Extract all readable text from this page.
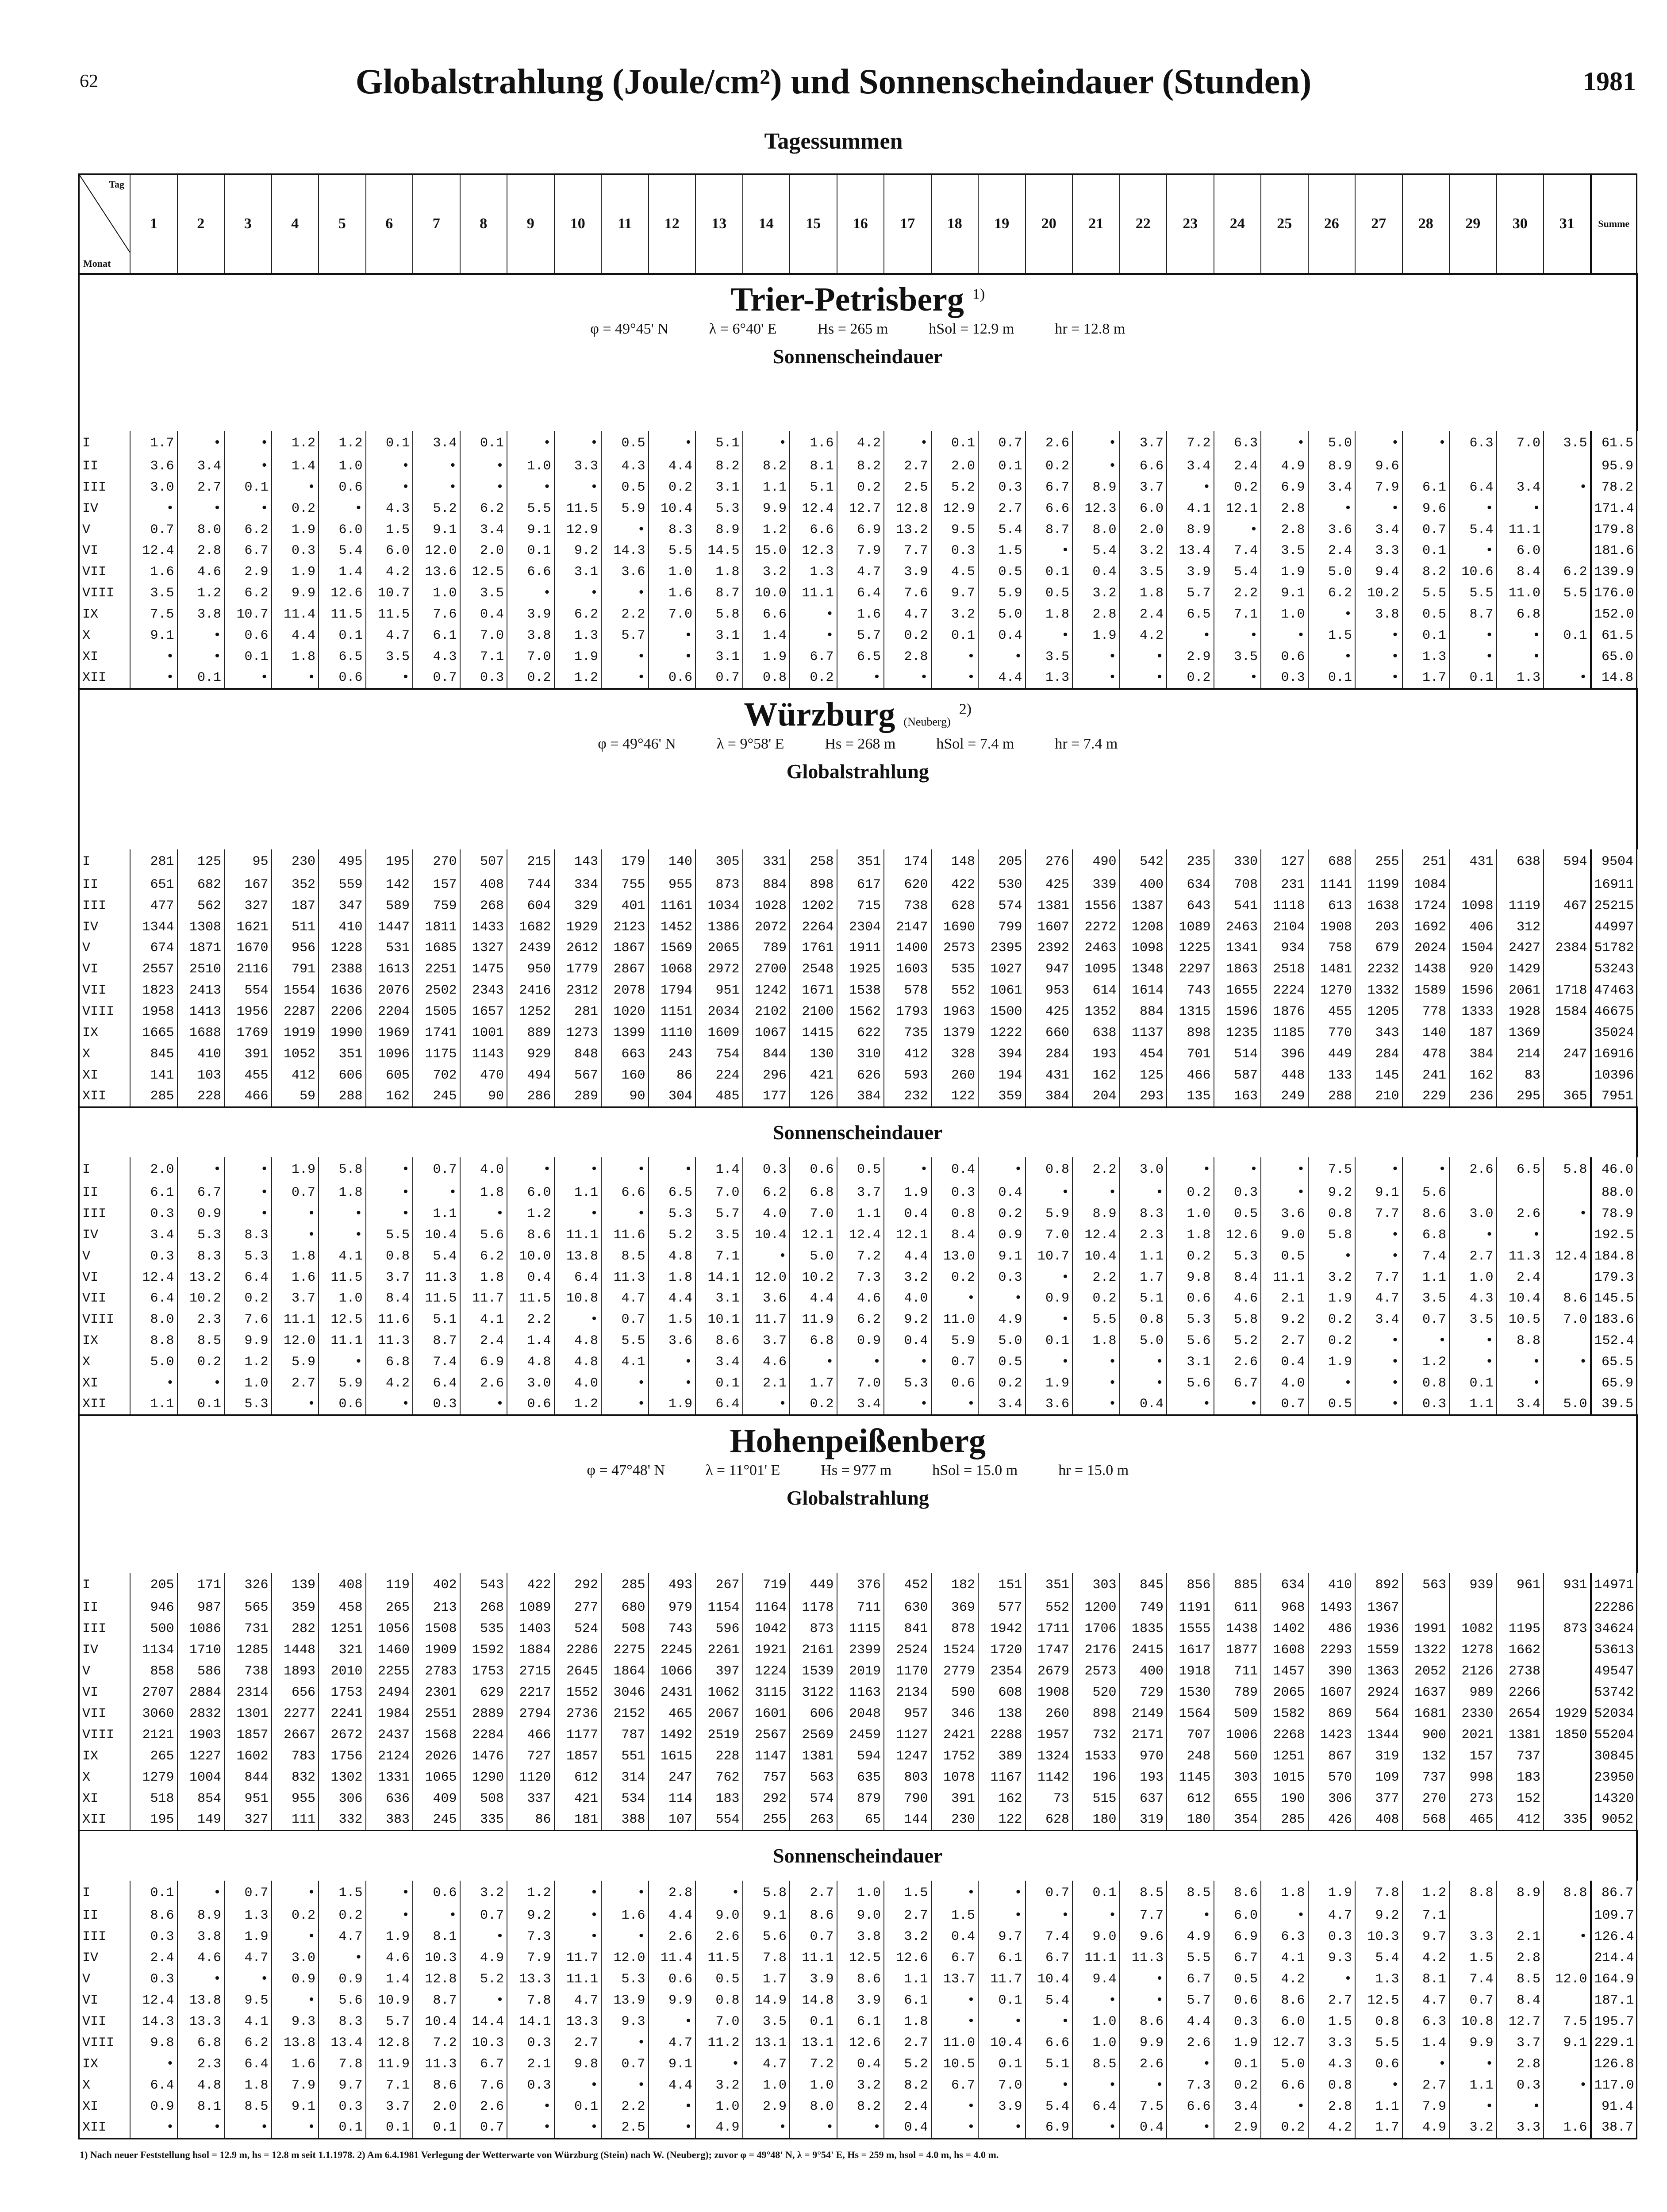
62	Globalstrahlung (Joule/cm²) und Sonnenscheindauer (Stunden)	1981
Tagessummen
Tag
Monat	1	2	3	4	5	6	7	8	9	10	11	12	13	14	15	16	17	18	19	20	21	22	23	24	25	26	27	28	29	30	31	Summe

Trier-Petrisberg $^{1)}$
φ = 49°45' N λ = 6°40' E Hs = 265 m hSol = 12.9 m hr = 12.8 m
Sonnenscheindauer																																

I	1.7	•	•	1.2	1.2	0.1	3.4	0.1	•	•	0.5	•	5.1	•	1.6	4.2	•	0.1	0.7	2.6	•	3.7	7.2	6.3	•	5.0	•	•	6.3	7.0	3.5	61.5
II	3.6	3.4	•	1.4	1.0	•	•	•	1.0	3.3	4.3	4.4	8.2	8.2	8.1	8.2	2.7	2.0	0.1	0.2	•	6.6	3.4	2.4	4.9	8.9	9.6					95.9
III	3.0	2.7	0.1	•	0.6	•	•	•	•	•	0.5	0.2	3.1	1.1	5.1	0.2	2.5	5.2	0.3	6.7	8.9	3.7	•	0.2	6.9	3.4	7.9	6.1	6.4	3.4	•	78.2
IV	•	•	•	0.2	•	4.3	5.2	6.2	5.5	11.5	5.9	10.4	5.3	9.9	12.4	12.7	12.8	12.9	2.7	6.6	12.3	6.0	4.1	12.1	2.8	•	•	9.6	•	•		171.4
V	0.7	8.0	6.2	1.9	6.0	1.5	9.1	3.4	9.1	12.9	•	8.3	8.9	1.2	6.6	6.9	13.2	9.5	5.4	8.7	8.0	2.0	8.9	•	2.8	3.6	3.4	0.7	5.4	11.1		179.8
VI	12.4	2.8	6.7	0.3	5.4	6.0	12.0	2.0	0.1	9.2	14.3	5.5	14.5	15.0	12.3	7.9	7.7	0.3	1.5	•	5.4	3.2	13.4	7.4	3.5	2.4	3.3	0.1	•	6.0		181.6
VII	1.6	4.6	2.9	1.9	1.4	4.2	13.6	12.5	6.6	3.1	3.6	1.0	1.8	3.2	1.3	4.7	3.9	4.5	0.5	0.1	0.4	3.5	3.9	5.4	1.9	5.0	9.4	8.2	10.6	8.4	6.2	139.9
VIII	3.5	1.2	6.2	9.9	12.6	10.7	1.0	3.5	•	•	•	1.6	8.7	10.0	11.1	6.4	7.6	9.7	5.9	0.5	3.2	1.8	5.7	2.2	9.1	6.2	10.2	5.5	5.5	11.0	5.5	176.0
IX	7.5	3.8	10.7	11.4	11.5	11.5	7.6	0.4	3.9	6.2	2.2	7.0	5.8	6.6	•	1.6	4.7	3.2	5.0	1.8	2.8	2.4	6.5	7.1	1.0	•	3.8	0.5	8.7	6.8		152.0
X	9.1	•	0.6	4.4	0.1	4.7	6.1	7.0	3.8	1.3	5.7	•	3.1	1.4	•	5.7	0.2	0.1	0.4	•	1.9	4.2	•	•	•	1.5	•	0.1	•	•	0.1	61.5
XI	•	•	0.1	1.8	6.5	3.5	4.3	7.1	7.0	1.9	•	•	3.1	1.9	6.7	6.5	2.8	•	•	3.5	•	•	2.9	3.5	0.6	•	•	1.3	•	•		65.0
XII	•	0.1	•	•	0.6	•	0.7	0.3	0.2	1.2	•	0.6	0.7	0.8	0.2	•	•	•	4.4	1.3	•	•	0.2	•	0.3	0.1	•	1.7	0.1	1.3	•	14.8

Würzburg (Neuberg) $^{2)}$
φ = 49°46' N λ = 9°58' E Hs = 268 m hSol = 7.4 m hr = 7.4 m
Globalstrahlung																																

I	281	125	95	230	495	195	270	507	215	143	179	140	305	331	258	351	174	148	205	276	490	542	235	330	127	688	255	251	431	638	594	9504
II	651	682	167	352	559	142	157	408	744	334	755	955	873	884	898	617	620	422	530	425	339	400	634	708	231	1141	1199	1084				16911
III	477	562	327	187	347	589	759	268	604	329	401	1161	1034	1028	1202	715	738	628	574	1381	1556	1387	643	541	1118	613	1638	1724	1098	1119	467	25215
IV	1344	1308	1621	511	410	1447	1811	1433	1682	1929	2123	1452	1386	2072	2264	2304	2147	1690	799	1607	2272	1208	1089	2463	2104	1908	203	1692	406	312		44997
V	674	1871	1670	956	1228	531	1685	1327	2439	2612	1867	1569	2065	789	1761	1911	1400	2573	2395	2392	2463	1098	1225	1341	934	758	679	2024	1504	2427	2384	51782
VI	2557	2510	2116	791	2388	1613	2251	1475	950	1779	2867	1068	2972	2700	2548	1925	1603	535	1027	947	1095	1348	2297	1863	2518	1481	2232	1438	920	1429		53243
VII	1823	2413	554	1554	1636	2076	2502	2343	2416	2312	2078	1794	951	1242	1671	1538	578	552	1061	953	614	1614	743	1655	2224	1270	1332	1589	1596	2061	1718	47463
VIII	1958	1413	1956	2287	2206	2204	1505	1657	1252	281	1020	1151	2034	2102	2100	1562	1793	1963	1500	425	1352	884	1315	1596	1876	455	1205	778	1333	1928	1584	46675
IX	1665	1688	1769	1919	1990	1969	1741	1001	889	1273	1399	1110	1609	1067	1415	622	735	1379	1222	660	638	1137	898	1235	1185	770	343	140	187	1369		35024
X	845	410	391	1052	351	1096	1175	1143	929	848	663	243	754	844	130	310	412	328	394	284	193	454	701	514	396	449	284	478	384	214	247	16916
XI	141	103	455	412	606	605	702	470	494	567	160	86	224	296	421	626	593	260	194	431	162	125	466	587	448	133	145	241	162	83		10396
XII	285	228	466	59	288	162	245	90	286	289	90	304	485	177	126	384	232	122	359	384	204	293	135	163	249	288	210	229	236	295	365	7951
Sonnenscheindauer																																
I	2.0	•	•	1.9	5.8	•	0.7	4.0	•	•	•	•	1.4	0.3	0.6	0.5	•	0.4	•	0.8	2.2	3.0	•	•	•	7.5	•	•	2.6	6.5	5.8	46.0
II	6.1	6.7	•	0.7	1.8	•	•	1.8	6.0	1.1	6.6	6.5	7.0	6.2	6.8	3.7	1.9	0.3	0.4	•	•	•	0.2	0.3	•	9.2	9.1	5.6				88.0
III	0.3	0.9	•	•	•	•	1.1	•	1.2	•	•	5.3	5.7	4.0	7.0	1.1	0.4	0.8	0.2	5.9	8.9	8.3	1.0	0.5	3.6	0.8	7.7	8.6	3.0	2.6	•	78.9
IV	3.4	5.3	8.3	•	•	5.5	10.4	5.6	8.6	11.1	11.6	5.2	3.5	10.4	12.1	12.4	12.1	8.4	0.9	7.0	12.4	2.3	1.8	12.6	9.0	5.8	•	6.8	•	•		192.5
V	0.3	8.3	5.3	1.8	4.1	0.8	5.4	6.2	10.0	13.8	8.5	4.8	7.1	•	5.0	7.2	4.4	13.0	9.1	10.7	10.4	1.1	0.2	5.3	0.5	•	•	7.4	2.7	11.3	12.4	184.8
VI	12.4	13.2	6.4	1.6	11.5	3.7	11.3	1.8	0.4	6.4	11.3	1.8	14.1	12.0	10.2	7.3	3.2	0.2	0.3	•	2.2	1.7	9.8	8.4	11.1	3.2	7.7	1.1	1.0	2.4		179.3
VII	6.4	10.2	0.2	3.7	1.0	8.4	11.5	11.7	11.5	10.8	4.7	4.4	3.1	3.6	4.4	4.6	4.0	•	•	0.9	0.2	5.1	0.6	4.6	2.1	1.9	4.7	3.5	4.3	10.4	8.6	145.5
VIII	8.0	2.3	7.6	11.1	12.5	11.6	5.1	4.1	2.2	•	0.7	1.5	10.1	11.7	11.9	6.2	9.2	11.0	4.9	•	5.5	0.8	5.3	5.8	9.2	0.2	3.4	0.7	3.5	10.5	7.0	183.6
IX	8.8	8.5	9.9	12.0	11.1	11.3	8.7	2.4	1.4	4.8	5.5	3.6	8.6	3.7	6.8	0.9	0.4	5.9	5.0	0.1	1.8	5.0	5.6	5.2	2.7	0.2	•	•	•	8.8		152.4
X	5.0	0.2	1.2	5.9	•	6.8	7.4	6.9	4.8	4.8	4.1	•	3.4	4.6	•	•	•	0.7	0.5	•	•	•	3.1	2.6	0.4	1.9	•	1.2	•	•	•	65.5
XI	•	•	1.0	2.7	5.9	4.2	6.4	2.6	3.0	4.0	•	•	0.1	2.1	1.7	7.0	5.3	0.6	0.2	1.9	•	•	5.6	6.7	4.0	•	•	0.8	0.1	•		65.9
XII	1.1	0.1	5.3	•	0.6	•	0.3	•	0.6	1.2	•	1.9	6.4	•	0.2	3.4	•	•	3.4	3.6	•	0.4	•	•	0.7	0.5	•	0.3	1.1	3.4	5.0	39.5

Hohenpeißenberg
φ = 47°48' N λ = 11°01' E Hs = 977 m hSol = 15.0 m hr = 15.0 m
Globalstrahlung																																

I	205	171	326	139	408	119	402	543	422	292	285	493	267	719	449	376	452	182	151	351	303	845	856	885	634	410	892	563	939	961	931	14971
II	946	987	565	359	458	265	213	268	1089	277	680	979	1154	1164	1178	711	630	369	577	552	1200	749	1191	611	968	1493	1367					22286
III	500	1086	731	282	1251	1056	1508	535	1403	524	508	743	596	1042	873	1115	841	878	1942	1711	1706	1835	1555	1438	1402	486	1936	1991	1082	1195	873	34624
IV	1134	1710	1285	1448	321	1460	1909	1592	1884	2286	2275	2245	2261	1921	2161	2399	2524	1524	1720	1747	2176	2415	1617	1877	1608	2293	1559	1322	1278	1662		53613
V	858	586	738	1893	2010	2255	2783	1753	2715	2645	1864	1066	397	1224	1539	2019	1170	2779	2354	2679	2573	400	1918	711	1457	390	1363	2052	2126	2738		49547
VI	2707	2884	2314	656	1753	2494	2301	629	2217	1552	3046	2431	1062	3115	3122	1163	2134	590	608	1908	520	729	1530	789	2065	1607	2924	1637	989	2266		53742
VII	3060	2832	1301	2277	2241	1984	2551	2889	2794	2736	2152	465	2067	1601	606	2048	957	346	138	260	898	2149	1564	509	1582	869	564	1681	2330	2654	1929	52034
VIII	2121	1903	1857	2667	2672	2437	1568	2284	466	1177	787	1492	2519	2567	2569	2459	1127	2421	2288	1957	732	2171	707	1006	2268	1423	1344	900	2021	1381	1850	55204
IX	265	1227	1602	783	1756	2124	2026	1476	727	1857	551	1615	228	1147	1381	594	1247	1752	389	1324	1533	970	248	560	1251	867	319	132	157	737		30845
X	1279	1004	844	832	1302	1331	1065	1290	1120	612	314	247	762	757	563	635	803	1078	1167	1142	196	193	1145	303	1015	570	109	737	998	183		23950
XI	518	854	951	955	306	636	409	508	337	421	534	114	183	292	574	879	790	391	162	73	515	637	612	655	190	306	377	270	273	152		14320
XII	195	149	327	111	332	383	245	335	86	181	388	107	554	255	263	65	144	230	122	628	180	319	180	354	285	426	408	568	465	412	335	9052
Sonnenscheindauer																																
I	0.1	•	0.7	•	1.5	•	0.6	3.2	1.2	•	•	2.8	•	5.8	2.7	1.0	1.5	•	•	0.7	0.1	8.5	8.5	8.6	1.8	1.9	7.8	1.2	8.8	8.9	8.8	86.7
II	8.6	8.9	1.3	0.2	0.2	•	•	0.7	9.2	•	1.6	4.4	9.0	9.1	8.6	9.0	2.7	1.5	•	•	•	7.7	•	6.0	•	4.7	9.2	7.1				109.7
III	0.3	3.8	1.9	•	4.7	1.9	8.1	•	7.3	•	•	2.6	2.6	5.6	0.7	3.8	3.2	0.4	9.7	7.4	9.0	9.6	4.9	6.9	6.3	0.3	10.3	9.7	3.3	2.1	•	126.4
IV	2.4	4.6	4.7	3.0	•	4.6	10.3	4.9	7.9	11.7	12.0	11.4	11.5	7.8	11.1	12.5	12.6	6.7	6.1	6.7	11.1	11.3	5.5	6.7	4.1	9.3	5.4	4.2	1.5	2.8		214.4
V	0.3	•	•	0.9	0.9	1.4	12.8	5.2	13.3	11.1	5.3	0.6	0.5	1.7	3.9	8.6	1.1	13.7	11.7	10.4	9.4	•	6.7	0.5	4.2	•	1.3	8.1	7.4	8.5	12.0	164.9
VI	12.4	13.8	9.5	•	5.6	10.9	8.7	•	7.8	4.7	13.9	9.9	0.8	14.9	14.8	3.9	6.1	•	0.1	5.4	•	•	5.7	0.6	8.6	2.7	12.5	4.7	0.7	8.4		187.1
VII	14.3	13.3	4.1	9.3	8.3	5.7	10.4	14.4	14.1	13.3	9.3	•	7.0	3.5	0.1	6.1	1.8	•	•	•	1.0	8.6	4.4	0.3	6.0	1.5	0.8	6.3	10.8	12.7	7.5	195.7
VIII	9.8	6.8	6.2	13.8	13.4	12.8	7.2	10.3	0.3	2.7	•	4.7	11.2	13.1	13.1	12.6	2.7	11.0	10.4	6.6	1.0	9.9	2.6	1.9	12.7	3.3	5.5	1.4	9.9	3.7	9.1	229.1
IX	•	2.3	6.4	1.6	7.8	11.9	11.3	6.7	2.1	9.8	0.7	9.1	•	4.7	7.2	0.4	5.2	10.5	0.1	5.1	8.5	2.6	•	0.1	5.0	4.3	0.6	•	•	2.8		126.8
X	6.4	4.8	1.8	7.9	9.7	7.1	8.6	7.6	0.3	•	•	4.4	3.2	1.0	1.0	3.2	8.2	6.7	7.0	•	•	•	7.3	0.2	6.6	0.8	•	2.7	1.1	0.3	•	117.0
XI	0.9	8.1	8.5	9.1	0.3	3.7	2.0	2.6	•	0.1	2.2	•	1.0	2.9	8.0	8.2	2.4	•	3.9	5.4	6.4	7.5	6.6	3.4	•	2.8	1.1	7.9	•	•		91.4
XII	•	•	•	•	0.1	0.1	0.1	0.7	•	•	2.5	•	4.9	•	•	•	0.4	•	•	6.9	•	0.4	•	2.9	0.2	4.2	1.7	4.9	3.2	3.3	1.6	38.7
1) Nach neuer Feststellung hsol = 12.9 m, hs = 12.8 m seit 1.1.1978. 2) Am 6.4.1981 Verlegung der Wetterwarte von Würzburg (Stein) nach W. (Neuberg); zuvor φ = 49°48' N, λ = 9°54' E, Hs = 259 m, hsol = 4.0 m, hs = 4.0 m.
